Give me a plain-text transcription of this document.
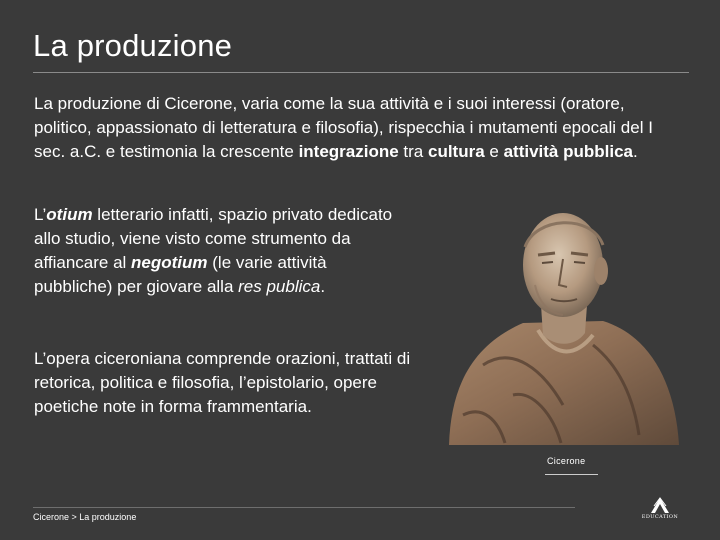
La produzione
La produzione di Cicerone, varia come la sua attività e i suoi interessi (oratore, politico, appassionato di letteratura e filosofia), rispecchia i mutamenti epocali del I sec. a.C. e testimonia la crescente integrazione tra cultura e attività pubblica.
L’otium letterario infatti, spazio privato dedicato allo studio, viene visto come strumento da affiancare al negotium (le varie attività pubbliche) per giovare alla res publica.
L’opera ciceroniana comprende orazioni, trattati di retorica, politica e filosofia, l’epistolario, opere poetiche note in forma frammentaria.
Cicerone
Cicerone > La produzione	EDUCATION
